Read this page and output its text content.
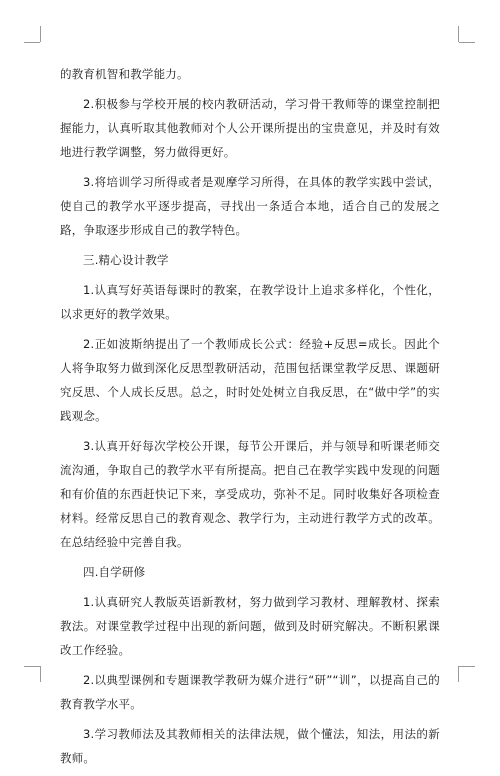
的教育机智和教学能力。

2.积极参与学校开展的校内教研活动，学习骨干教师等的课堂控制把握能力，认真听取其他教师对个人公开课所提出的宝贵意见，并及时有效地进行教学调整，努力做得更好。

3.将培训学习所得或者是观摩学习所得，在具体的教学实践中尝试，使自己的教学水平逐步提高，寻找出一条适合本地，适合自己的发展之路，争取逐步形成自己的教学特色。

三.精心设计教学

1.认真写好英语每课时的教案，在教学设计上追求多样化，个性化，以求更好的教学效果。

2.正如波斯纳提出了一个教师成长公式：经验+反思=成长。因此个人将争取努力做到深化反思型教研活动，范围包括课堂教学反思、课题研究反思、个人成长反思。总之，时时处处树立自我反思，在“做中学”的实践观念。

3.认真开好每次学校公开课，每节公开课后，并与领导和听课老师交流沟通，争取自己的教学水平有所提高。把自己在教学实践中发现的问题和有价值的东西赶快记下来，享受成功，弥补不足。同时收集好各项检查材料。经常反思自己的教育观念、教学行为，主动进行教学方式的改革。在总结经验中完善自我。

四.自学研修

1.认真研究人教版英语新教材，努力做到学习教材、理解教材、探索教法。对课堂教学过程中出现的新问题，做到及时研究解决。不断积累课改工作经验。

2.以典型课例和专题课教学教研为媒介进行“研”“训”，以提高自己的教育教学水平。

3.学习教师法及其教师相关的法律法规，做个懂法，知法，用法的新教师。
